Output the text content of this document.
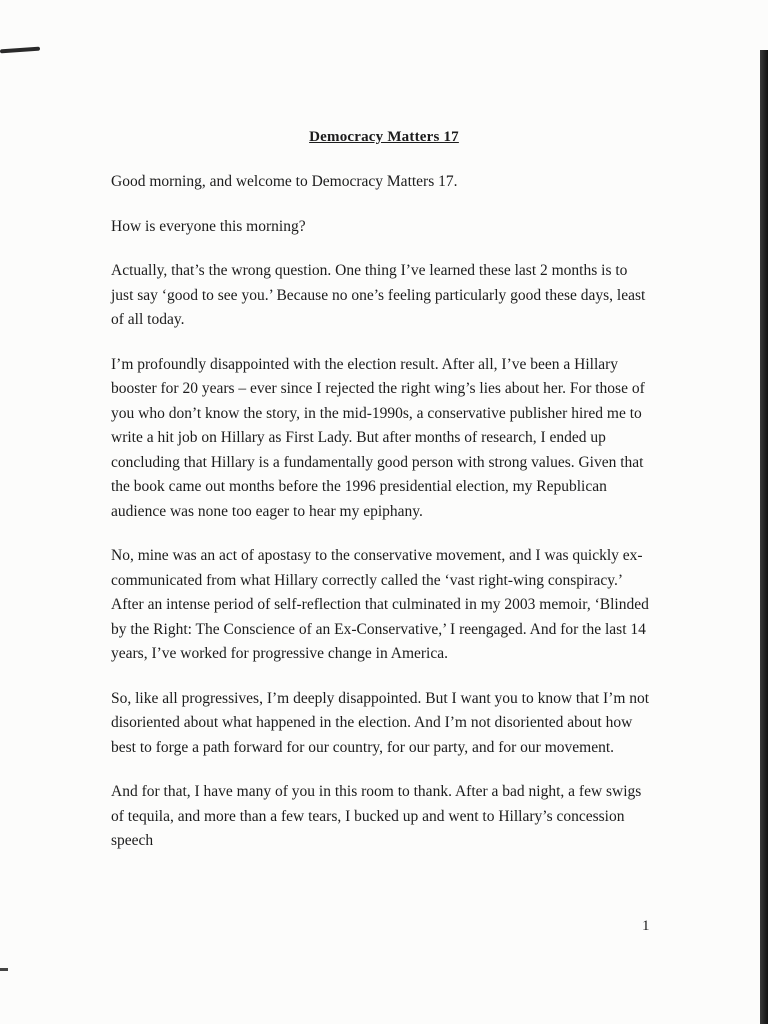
Democracy Matters 17

Good morning, and welcome to Democracy Matters 17.

How is everyone this morning?

Actually, that’s the wrong question. One thing I’ve learned these last 2 months is to just say ‘good to see you.’ Because no one’s feeling particularly good these days, least of all today.

I’m profoundly disappointed with the election result. After all, I’ve been a Hillary booster for 20 years – ever since I rejected the right wing’s lies about her. For those of you who don’t know the story, in the mid-1990s, a conservative publisher hired me to write a hit job on Hillary as First Lady. But after months of research, I ended up concluding that Hillary is a fundamentally good person with strong values. Given that the book came out months before the 1996 presidential election, my Republican audience was none too eager to hear my epiphany.

No, mine was an act of apostasy to the conservative movement, and I was quickly ex-communicated from what Hillary correctly called the ‘vast right-wing conspiracy.’ After an intense period of self-reflection that culminated in my 2003 memoir, ‘Blinded by the Right: The Conscience of an Ex-Conservative,’ I reengaged. And for the last 14 years, I’ve worked for progressive change in America.

So, like all progressives, I’m deeply disappointed. But I want you to know that I’m not disoriented about what happened in the election. And I’m not disoriented about how best to forge a path forward for our country, for our party, and for our movement.

And for that, I have many of you in this room to thank. After a bad night, a few swigs of tequila, and more than a few tears, I bucked up and went to Hillary’s concession speech

1
